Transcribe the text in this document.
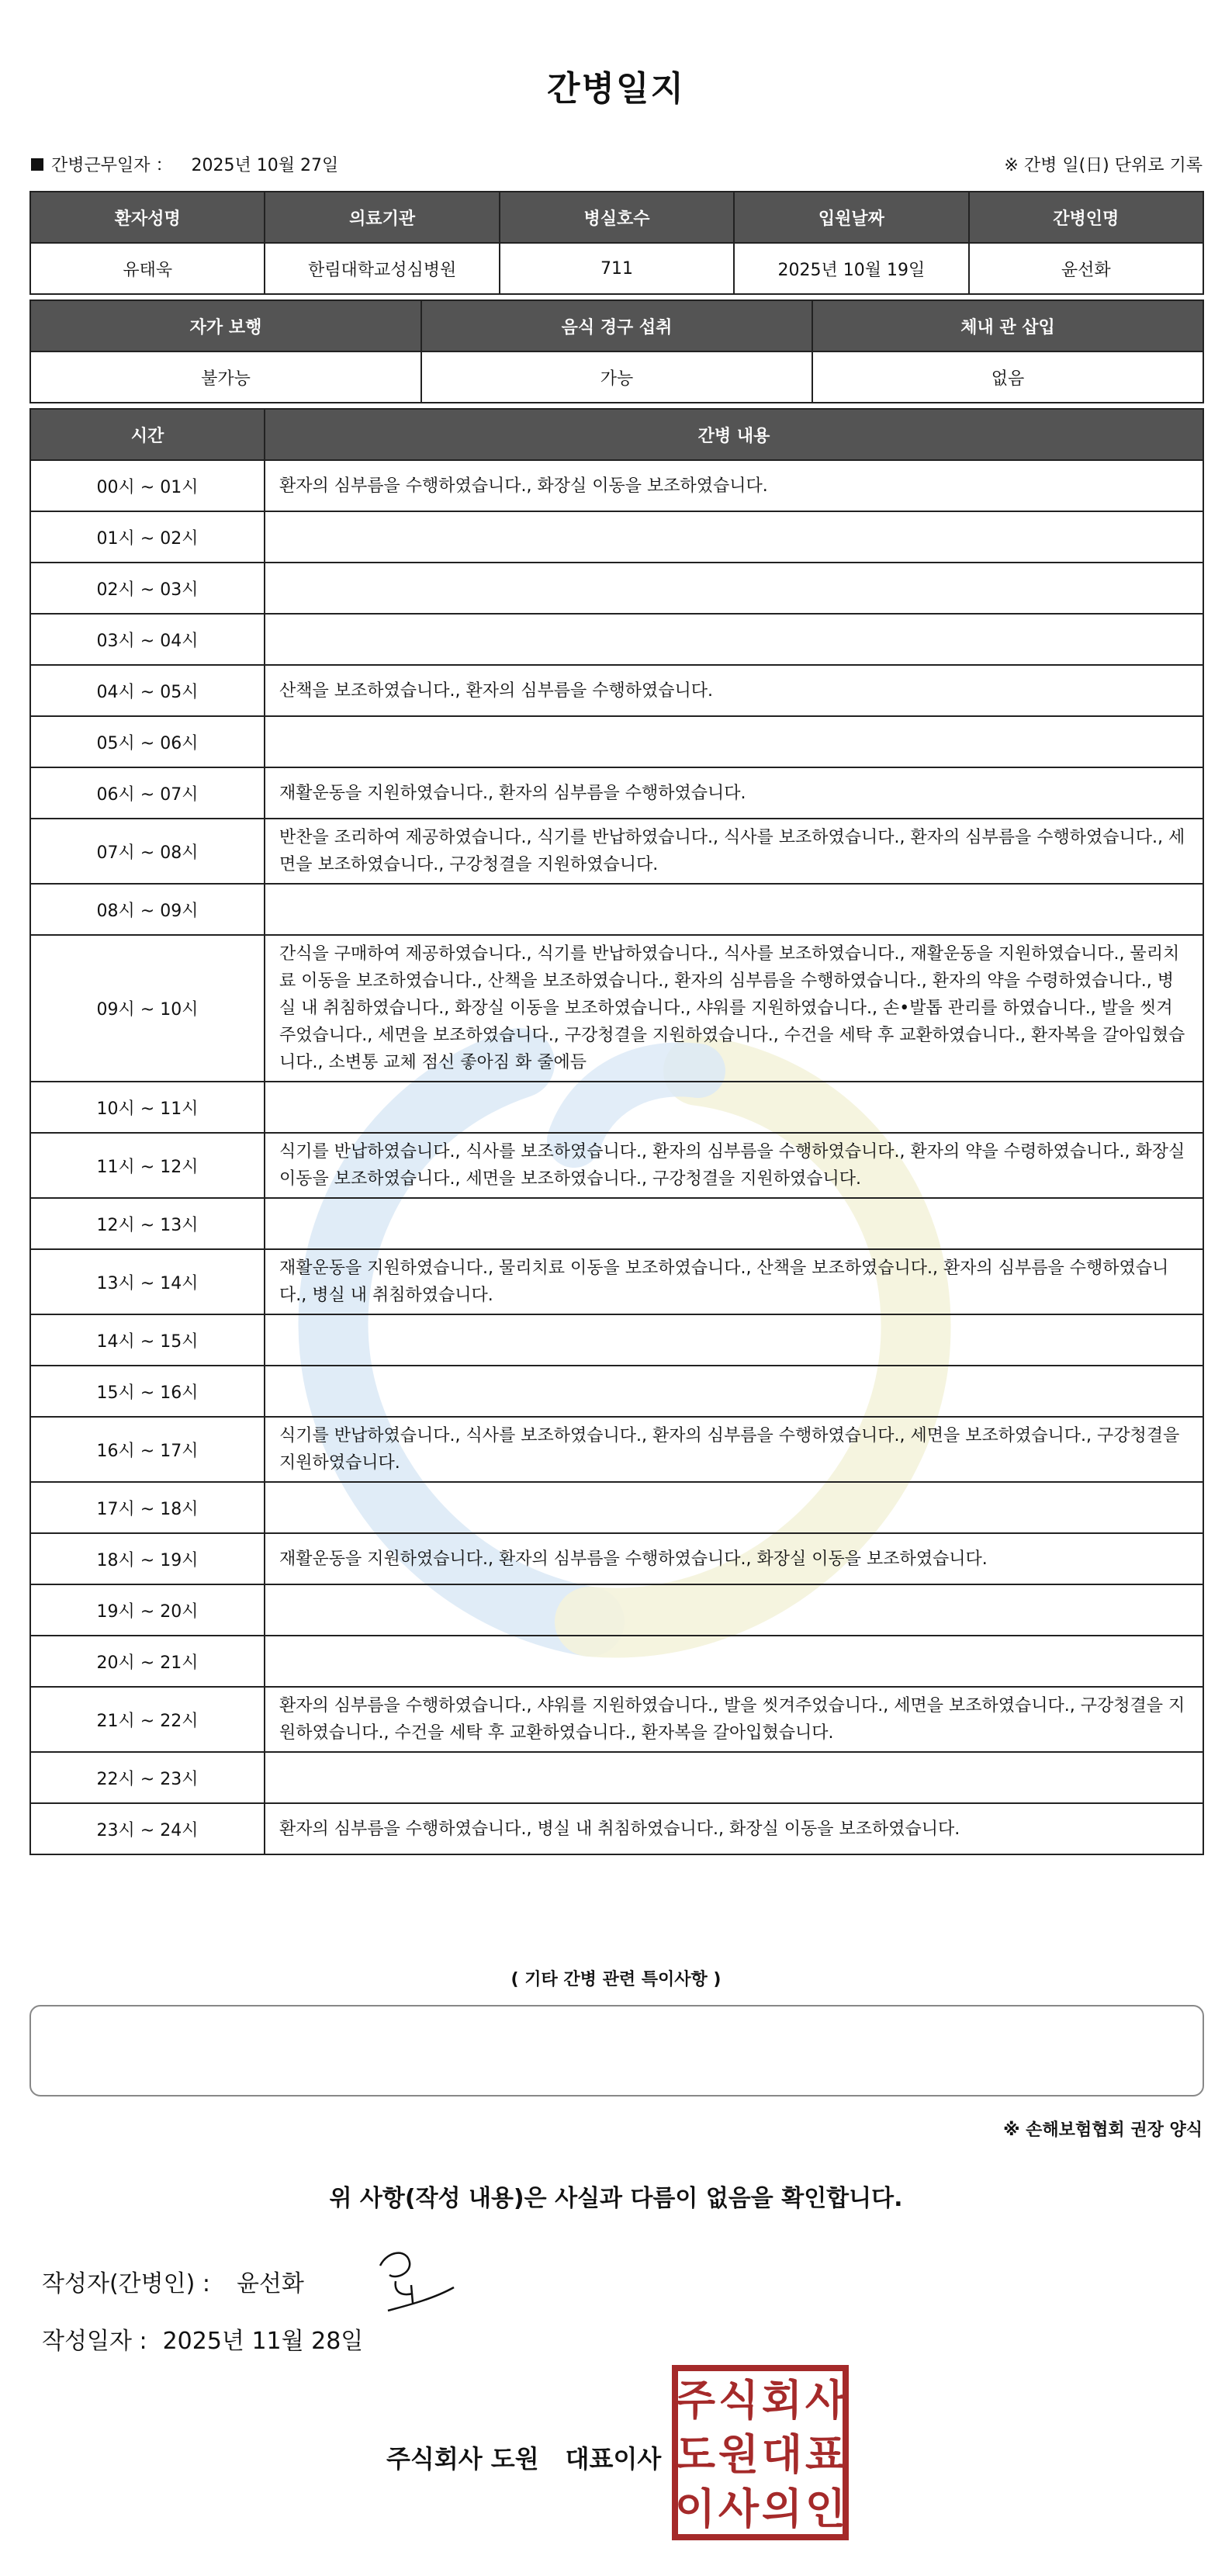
간병일지
간병근무일자 ： 2025년 10월 27일	※ 간병 일(日) 단위로 기록
환자성명	의료기관	병실호수	입원날짜	간병인명
유태욱	한림대학교성심병원	711	2025년 10월 19일	윤선화
자가 보행	음식 경구 섭취	체내 관 삽입
불가능	가능	없음
시간	간병 내용
00시 ~ 01시	환자의 심부름을 수행하였습니다., 화장실 이동을 보조하였습니다.
01시 ~ 02시	
02시 ~ 03시	
03시 ~ 04시	
04시 ~ 05시	산책을 보조하였습니다., 환자의 심부름을 수행하였습니다.
05시 ~ 06시	
06시 ~ 07시	재활운동을 지원하였습니다., 환자의 심부름을 수행하였습니다.
07시 ~ 08시	반찬을 조리하여 제공하였습니다., 식기를 반납하였습니다., 식사를 보조하였습니다., 환자의 심부름을 수행하였습니다., 세면을 보조하였습니다., 구강청결을 지원하였습니다.
08시 ~ 09시	
09시 ~ 10시	간식을 구매하여 제공하였습니다., 식기를 반납하였습니다., 식사를 보조하였습니다., 재활운동을 지원하였습니다., 물리치료 이동을 보조하였습니다., 산책을 보조하였습니다., 환자의 심부름을 수행하였습니다., 환자의 약을 수령하였습니다., 병실 내 취침하였습니다., 화장실 이동을 보조하였습니다., 샤워를 지원하였습니다., 손•발톱 관리를 하였습니다., 발을 씻겨주었습니다., 세면을 보조하였습니다., 구강청결을 지원하였습니다., 수건을 세탁 후 교환하였습니다., 환자복을 갈아입혔습니다., 소변통 교체 점신 좋아짐 화 줄에듬
10시 ~ 11시	
11시 ~ 12시	식기를 반납하였습니다., 식사를 보조하였습니다., 환자의 심부름을 수행하였습니다., 환자의 약을 수령하였습니다., 화장실 이동을 보조하였습니다., 세면을 보조하였습니다., 구강청결을 지원하였습니다.
12시 ~ 13시	
13시 ~ 14시	재활운동을 지원하였습니다., 물리치료 이동을 보조하였습니다., 산책을 보조하였습니다., 환자의 심부름을 수행하였습니다., 병실 내 취침하였습니다.
14시 ~ 15시	
15시 ~ 16시	
16시 ~ 17시	식기를 반납하였습니다., 식사를 보조하였습니다., 환자의 심부름을 수행하였습니다., 세면을 보조하였습니다., 구강청결을 지원하였습니다.
17시 ~ 18시	
18시 ~ 19시	재활운동을 지원하였습니다., 환자의 심부름을 수행하였습니다., 화장실 이동을 보조하였습니다.
19시 ~ 20시	
20시 ~ 21시	
21시 ~ 22시	환자의 심부름을 수행하였습니다., 샤워를 지원하였습니다., 발을 씻겨주었습니다., 세면을 보조하였습니다., 구강청결을 지원하였습니다., 수건을 세탁 후 교환하였습니다., 환자복을 갈아입혔습니다.
22시 ~ 23시	
23시 ~ 24시	환자의 심부름을 수행하였습니다., 병실 내 취침하였습니다., 화장실 이동을 보조하였습니다.
( 기타 간병 관련 특이사항 )
※ 손해보험협회 권장 양식
위 사항(작성 내용)은 사실과 다름이 없음을 확인합니다.
작성자(간병인) : 윤선화
작성일자 : 2025년 11월 28일
주식회사 도원 대표이사
주 식 회 사
도 원 대 표
이 사 의 인
